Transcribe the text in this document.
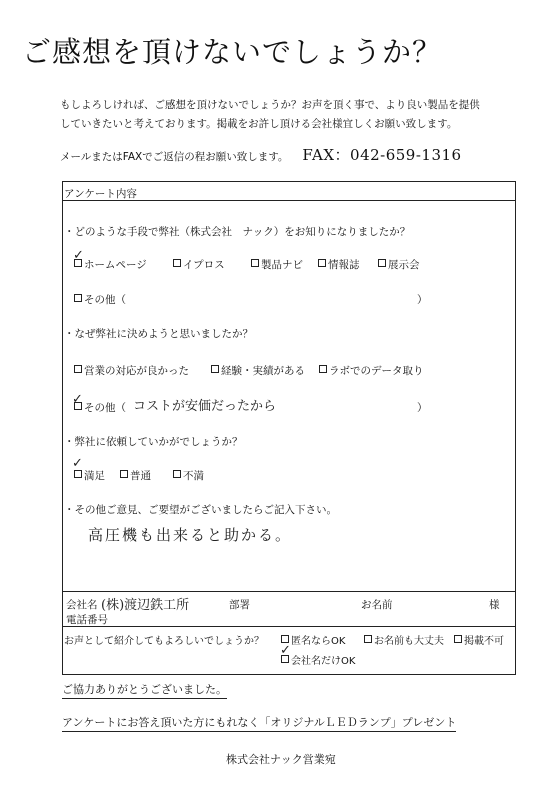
ご感想を頂けないでしょうか？
もしよろしければ、ご感想を頂けないでしょうか？お声を頂く事で、より良い製品を提供
していきたいと考えております。掲載をお許し頂ける会社様宜しくお願い致します。
メールまたはFAXでご返信の程お願い致します。 FAX：042-659-1316
アンケート内容
・どのような手段で弊社（株式会社　ナック）をお知りになりましたか？
ホームページ
✓
イプロス	製品ナビ	情報誌	展示会
その他（	）
・なぜ弊社に決めようと思いましたか？
営業の対応が良かった	経験・実績がある	ラボでのデータ取り
その他（
✓	コストが安価だったから	）
・弊社に依頼していかがでしょうか？
満足
✓
普通	不満
・その他ご意見、ご要望がございましたらご記入下さい。
高圧機も出来ると助かる。
会社名 (株)渡辺鉄工所	部署	お名前	様
電話番号
お声として紹介してもよろしいでしょうか？	匿名ならOK	お名前も大丈夫	掲載不可
会社名だけOK
✓
ご協力ありがとうございました。
アンケートにお答え頂いた方にもれなく「オリジナルＬＥＤランプ」プレゼント
株式会社ナック営業宛
